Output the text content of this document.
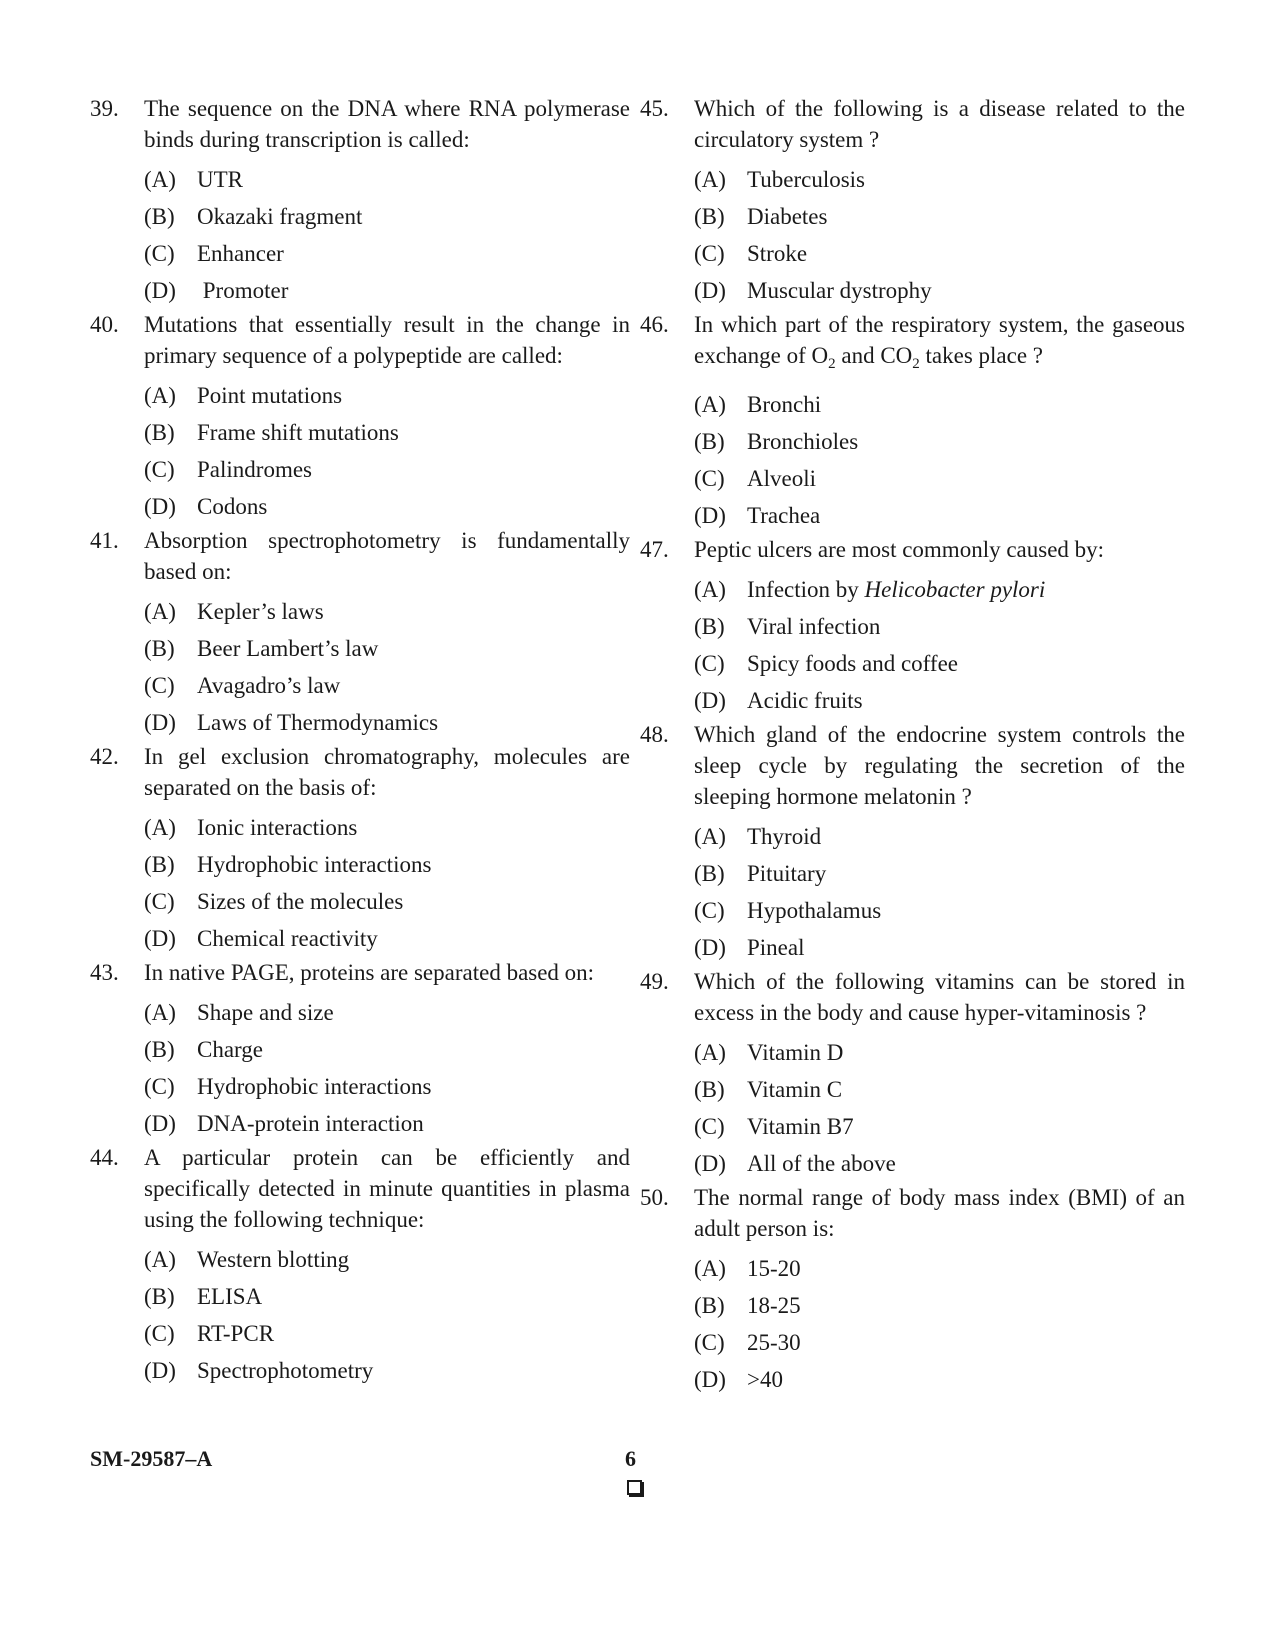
39. The sequence on the DNA where RNA polymerase binds during transcription is called:
(A) UTR
(B) Okazaki fragment
(C) Enhancer
(D) Promoter
40. Mutations that essentially result in the change in primary sequence of a polypeptide are called:
(A) Point mutations
(B) Frame shift mutations
(C) Palindromes
(D) Codons
41. Absorption spectrophotometry is fundamentally based on:
(A) Kepler’s laws
(B) Beer Lambert’s law
(C) Avagadro’s law
(D) Laws of Thermodynamics
42. In gel exclusion chromatography, molecules are separated on the basis of:
(A) Ionic interactions
(B) Hydrophobic interactions
(C) Sizes of the molecules
(D) Chemical reactivity
43. In native PAGE, proteins are separated based on:
(A) Shape and size
(B) Charge
(C) Hydrophobic interactions
(D) DNA-protein interaction
44. A particular protein can be efficiently and specifically detected in minute quantities in plasma using the following technique:
(A) Western blotting
(B) ELISA
(C) RT-PCR
(D) Spectrophotometry
45. Which of the following is a disease related to the circulatory system ?
(A) Tuberculosis
(B) Diabetes
(C) Stroke
(D) Muscular dystrophy
46. In which part of the respiratory system, the gaseous exchange of $O_2$ and $CO_2$ takes place ?
(A) Bronchi
(B) Bronchioles
(C) Alveoli
(D) Trachea
47. Peptic ulcers are most commonly caused by:
(A) Infection by Helicobacter pylori
(B) Viral infection
(C) Spicy foods and coffee
(D) Acidic fruits
48. Which gland of the endocrine system controls the sleep cycle by regulating the secretion of the sleeping hormone melatonin ?
(A) Thyroid
(B) Pituitary
(C) Hypothalamus
(D) Pineal
49. Which of the following vitamins can be stored in excess in the body and cause hyper-vitaminosis ?
(A) Vitamin D
(B) Vitamin C
(C) Vitamin B7
(D) All of the above
50. The normal range of body mass index (BMI) of an adult person is:
(A) 15-20
(B) 18-25
(C) 25-30
(D) >40
SM-29587–A	6
